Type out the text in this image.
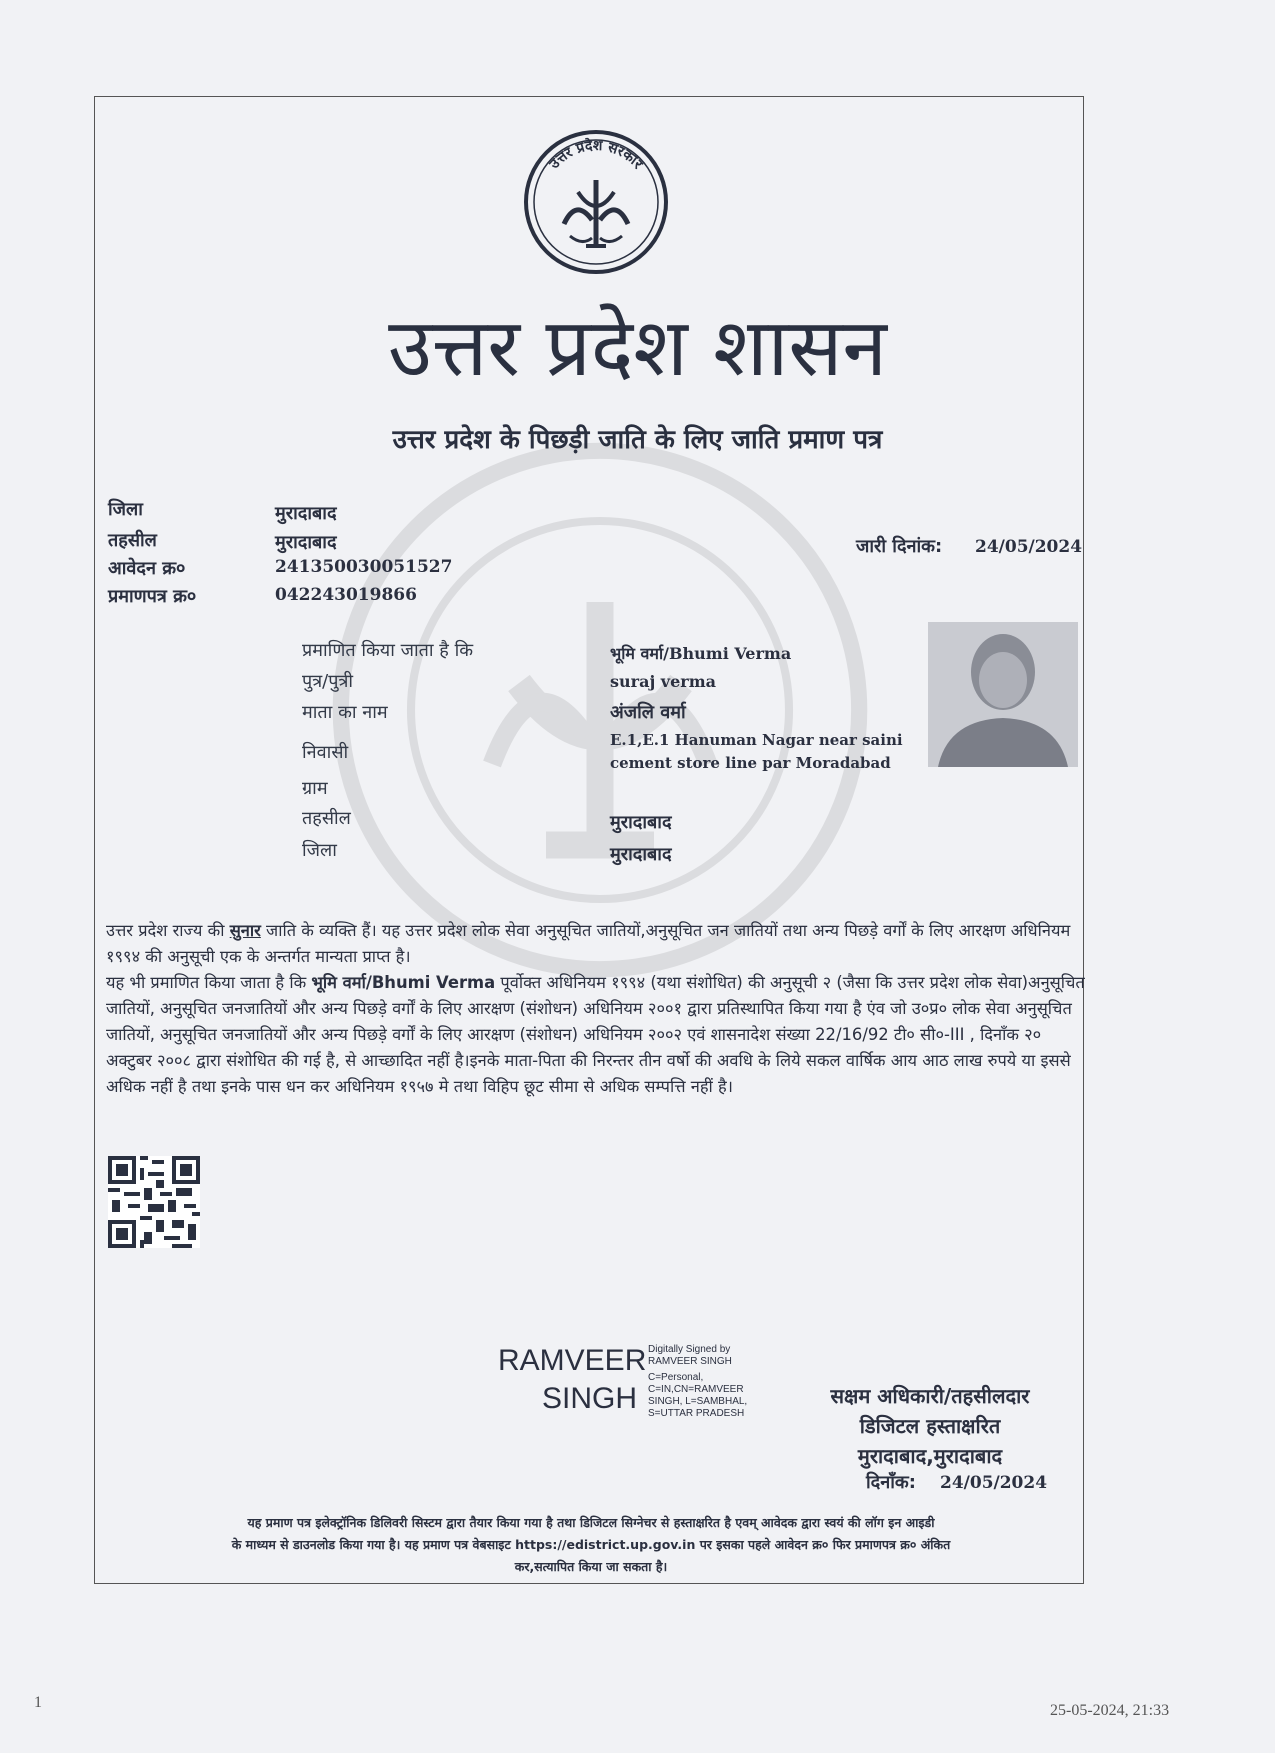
उत्तर प्रदेश सरकार
उत्तर प्रदेश शासन
उत्तर प्रदेश के पिछड़ी जाति के लिए जाति प्रमाण पत्र
जिला	मुरादाबाद
तहसील	मुरादाबाद
आवेदन क्र०	241350030051527
प्रमाणपत्र क्र०	042243019866
जारी दिनांक: 24/05/2024
प्रमाणित किया जाता है कि	भूमि वर्मा/Bhumi Verma
पुत्र/पुत्री	suraj verma
माता का नाम	अंजलि वर्मा
निवासी
E.1,E.1 Hanuman Nagar near saini
cement store line par Moradabad
ग्राम
तहसील	मुरादाबाद
जिला	मुरादाबाद

उत्तर प्रदेश राज्य की सुनार जाति के व्यक्ति हैं। यह उत्तर प्रदेश लोक सेवा अनुसूचित जातियों,अनुसूचित जन जातियों तथा अन्य पिछड़े वर्गों के लिए आरक्षण अधिनियम १९९४ की अनुसूची एक के अन्तर्गत मान्यता प्राप्त है।

यह भी प्रमाणित किया जाता है कि भूमि वर्मा/Bhumi Verma पूर्वोक्त अधिनियम १९९४ (यथा संशोधित) की अनुसूची २ (जैसा कि उत्तर प्रदेश लोक सेवा)अनुसूचित जातियों, अनुसूचित जनजातियों और अन्य पिछड़े वर्गों के लिए आरक्षण (संशोधन) अधिनियम २००१ द्वारा प्रतिस्थापित किया गया है एंव जो उ०प्र० लोक सेवा अनुसूचित जातियों, अनुसूचित जनजातियों और अन्य पिछड़े वर्गों के लिए आरक्षण (संशोधन) अधिनियम २००२ एवं शासनादेश संख्या 22/16/92 टी० सी०-III , दिनाँक २० अक्टुबर २००८ द्वारा संशोधित की गई है, से आच्छादित नहीं है।इनके माता-पिता की निरन्तर तीन वर्षो की अवधि के लिये सकल वार्षिक आय आठ लाख रुपये या इससे अधिक नहीं है तथा इनके पास धन कर अधिनियम १९५७ मे तथा विहिप छूट सीमा से अधिक सम्पत्ति नहीं है।

RAMVEER
SINGH
Digitally Signed by RAMVEER SINGH
C=Personal, C=IN,CN=RAMVEER SINGH, L=SAMBHAL, S=UTTAR PRADESH
सक्षम अधिकारी/तहसीलदार
डिजिटल हस्ताक्षरित
मुरादाबाद,मुरादाबाद
दिनाँक: 24/05/2024
यह प्रमाण पत्र इलेक्ट्रॉनिक डिलिवरी सिस्टम द्वारा तैयार किया गया है तथा डिजिटल सिग्नेचर से हस्ताक्षरित है एवम् आवेदक द्वारा स्वयं की लॉग इन आइडी
के माध्यम से डाउनलोड किया गया है। यह प्रमाण पत्र वेबसाइट https://edistrict.up.gov.in पर इसका पहले आवेदन क्र० फिर प्रमाणपत्र क्र० अंकित
कर,सत्यापित किया जा सकता है।
1	25-05-2024, 21:33
